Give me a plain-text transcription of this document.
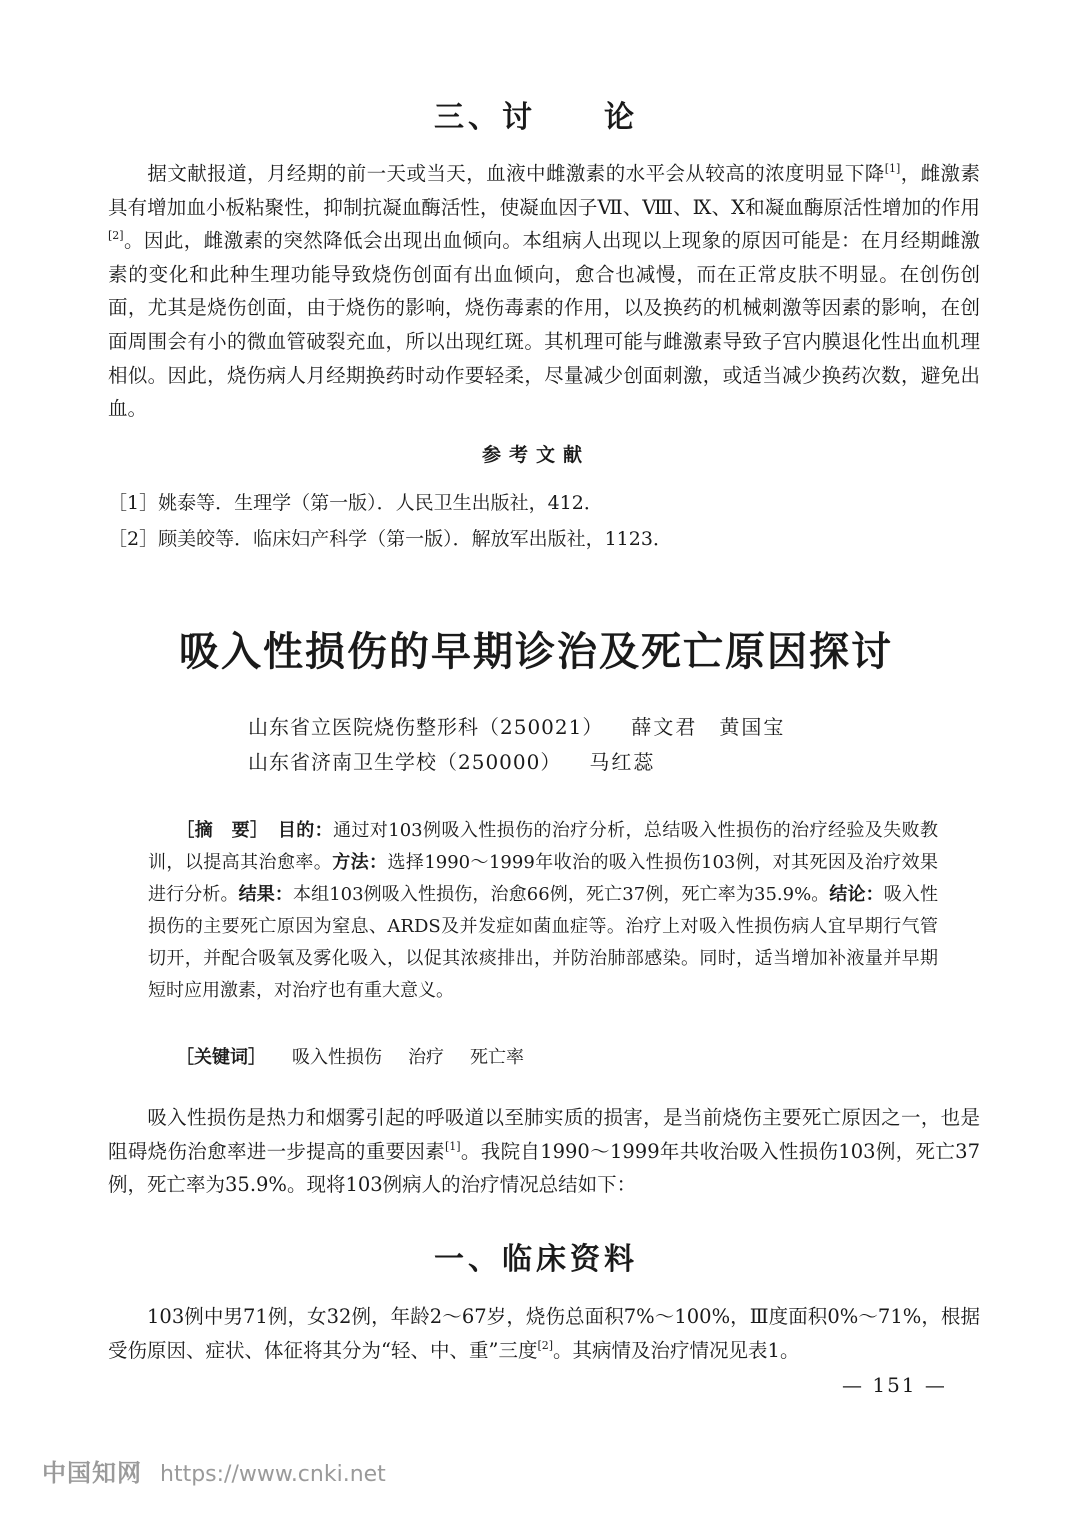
三、讨　　论

据文献报道，月经期的前一天或当天，血液中雌激素的水平会从较高的浓度明显下降[1]，雌激素具有增加血小板粘聚性，抑制抗凝血酶活性，使凝血因子Ⅶ、Ⅷ、Ⅸ、Ⅹ和凝血酶原活性增加的作用[2]。因此，雌激素的突然降低会出现出血倾向。本组病人出现以上现象的原因可能是：在月经期雌激素的变化和此种生理功能导致烧伤创面有出血倾向，愈合也减慢，而在正常皮肤不明显。在创伤创面，尤其是烧伤创面，由于烧伤的影响，烧伤毒素的作用，以及换药的机械刺激等因素的影响，在创面周围会有小的微血管破裂充血，所以出现红斑。其机理可能与雌激素导致子宫内膜退化性出血机理相似。因此，烧伤病人月经期换药时动作要轻柔，尽量减少创面刺激，或适当减少换药次数，避免出血。

参考文献
［1］姚泰等．生理学（第一版）．人民卫生出版社，412．
［2］顾美皎等．临床妇产科学（第一版）．解放军出版社，1123．
吸入性损伤的早期诊治及死亡原因探讨
山东省立医院烧伤整形科（250021） 薛文君　黄国宝
山东省济南卫生学校（250000） 马红蕊

［摘　要］　 目的：通过对103例吸入性损伤的治疗分析，总结吸入性损伤的治疗经验及失败教训，以提高其治愈率。方法：选择1990～1999年收治的吸入性损伤103例，对其死因及治疗效果进行分析。结果：本组103例吸入性损伤，治愈66例，死亡37例，死亡率为35.9%。结论：吸入性损伤的主要死亡原因为窒息、ARDS及并发症如菌血症等。治疗上对吸入性损伤病人宜早期行气管切开，并配合吸氧及雾化吸入，以促其浓痰排出，并防治肺部感染。同时，适当增加补液量并早期短时应用激素，对治疗也有重大意义。

［关键词］ 吸入性损伤 治疗 死亡率

吸入性损伤是热力和烟雾引起的呼吸道以至肺实质的损害，是当前烧伤主要死亡原因之一，也是阻碍烧伤治愈率进一步提高的重要因素[1]。我院自1990～1999年共收治吸入性损伤103例，死亡37例，死亡率为35.9%。现将103例病人的治疗情况总结如下：

一、临床资料

103例中男71例，女32例，年龄2～67岁，烧伤总面积7%～100%，Ⅲ度面积0%～71%，根据受伤原因、症状、体征将其分为“轻、中、重”三度[2]。其病情及治疗情况见表1。

— 151 —
中国知网 https://www.cnki.net
